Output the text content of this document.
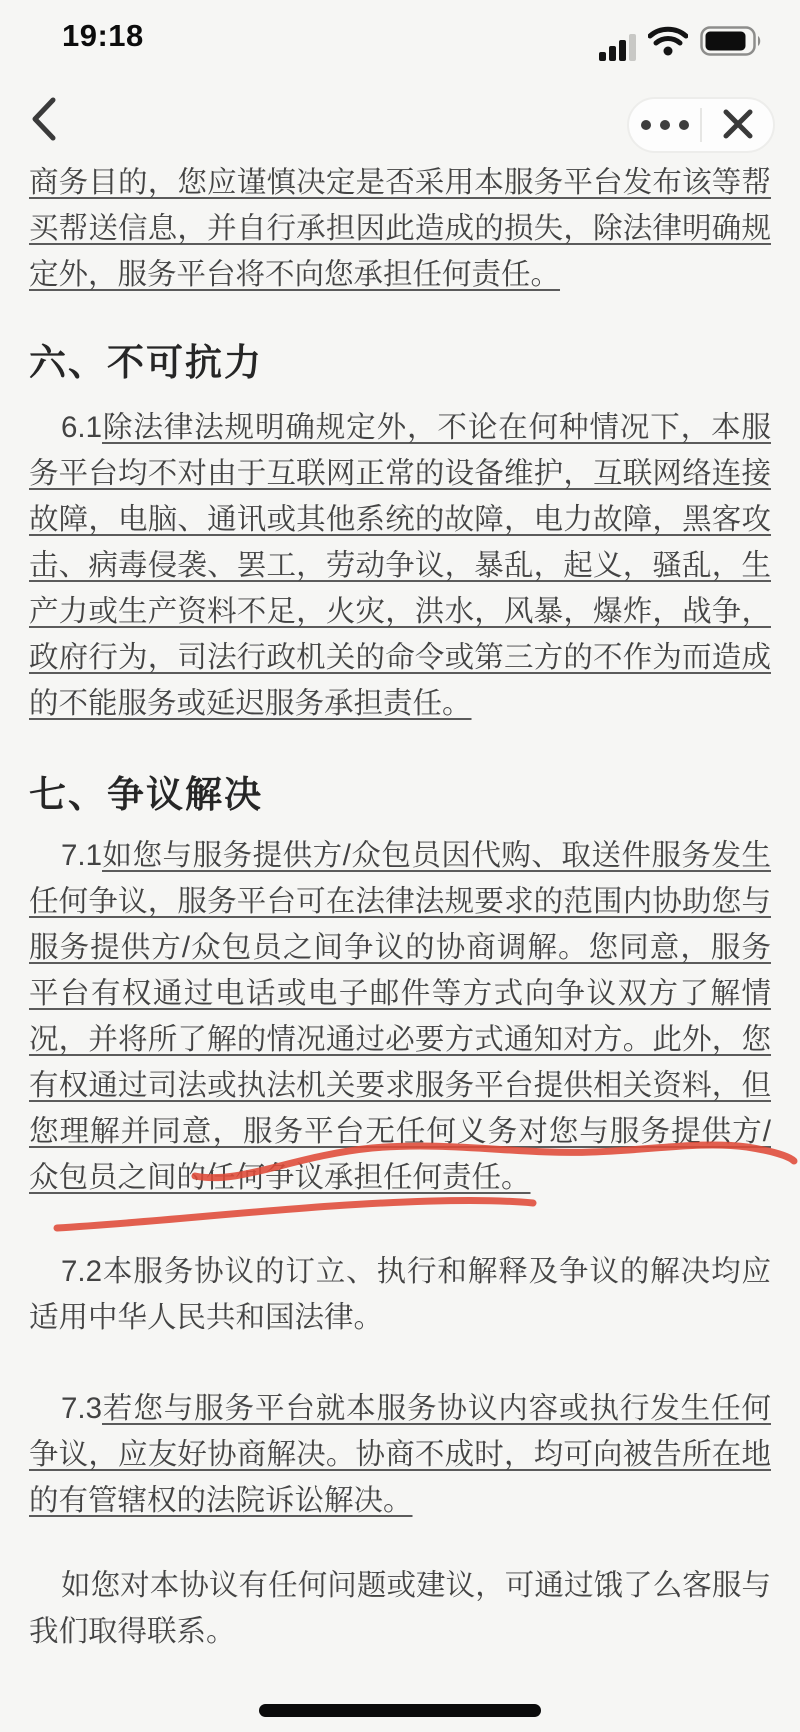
19:18

商务目的，您应谨慎决定是否采用本服务平台发布该等帮买帮送信息，并自行承担因此造成的损失，除法律明确规定外，服务平台将不向您承担任何责任。

六、不可抗力

6.1除法律法规明确规定外，不论在何种情况下，本服务平台均不对由于互联网正常的设备维护，互联网络连接故障，电脑、通讯或其他系统的故障，电力故障，黑客攻击、病毒侵袭、罢工，劳动争议，暴乱，起义，骚乱，生产力或生产资料不足，火灾，洪水，风暴，爆炸，战争，政府行为，司法行政机关的命令或第三方的不作为而造成的不能服务或延迟服务承担责任。

七、争议解决

7.1如您与服务提供方/众包员因代购、取送件服务发生任何争议，服务平台可在法律法规要求的范围内协助您与服务提供方/众包员之间争议的协商调解。您同意，服务平台有权通过电话或电子邮件等方式向争议双方了解情况，并将所了解的情况通过必要方式通知对方。此外，您有权通过司法或执法机关要求服务平台提供相关资料，但您理解并同意，服务平台无任何义务对您与服务提供方/众包员之间的任何争议承担任何责任。

7.2本服务协议的订立、执行和解释及争议的解决均应适用中华人民共和国法律。

7.3若您与服务平台就本服务协议内容或执行发生任何争议，应友好协商解决。协商不成时，均可向被告所在地的有管辖权的法院诉讼解决。

如您对本协议有任何问题或建议，可通过饿了么客服与我们取得联系。
